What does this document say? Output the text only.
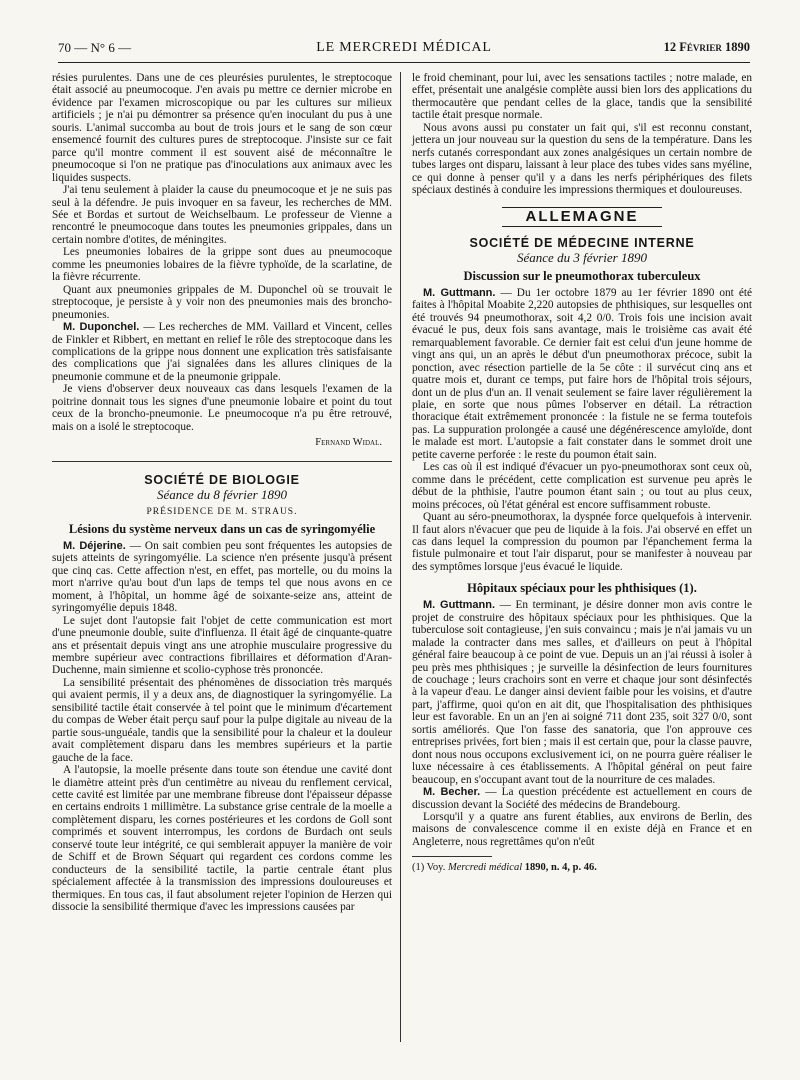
70 — N° 6 —	LE MERCREDI MÉDICAL	12 Février 1890

résies purulentes. Dans une de ces pleurésies purulentes, le streptocoque était associé au pneumocoque. J'en avais pu mettre ce dernier microbe en évidence par l'examen microscopique ou par les cultures sur milieux artificiels ; je n'ai pu démontrer sa présence qu'en inoculant du pus à une souris. L'animal succomba au bout de trois jours et le sang de son cœur ensemencé fournit des cultures pures de streptocoque. J'insiste sur ce fait parce qu'il montre comment il est souvent aisé de méconnaître le pneumocoque si l'on ne pratique pas d'inoculations aux animaux avec les liquides suspects.

J'ai tenu seulement à plaider la cause du pneumocoque et je ne suis pas seul à la défendre. Je puis invoquer en sa faveur, les recherches de MM. Sée et Bordas et surtout de Weichselbaum. Le professeur de Vienne a rencontré le pneumocoque dans toutes les pneumonies grippales, dans un certain nombre d'otites, de méningites.

Les pneumonies lobaires de la grippe sont dues au pneumocoque comme les pneumonies lobaires de la fièvre typhoïde, de la scarlatine, de la fièvre récurrente.

Quant aux pneumonies grippales de M. Duponchel où se trouvait le streptocoque, je persiste à y voir non des pneumonies mais des broncho-pneumonies.

M. Duponchel. — Les recherches de MM. Vaillard et Vincent, celles de Finkler et Ribbert, en mettant en relief le rôle des streptocoque dans les complications de la grippe nous donnent une explication très satisfaisante des complications que j'ai signalées dans les allures cliniques de la pneumonie commune et de la pneumonie grippale.

Je viens d'observer deux nouveaux cas dans lesquels l'examen de la poitrine donnait tous les signes d'une pneumonie lobaire et point du tout ceux de la broncho-pneumonie. Le pneumocoque n'a pu être retrouvé, mais on a isolé le streptocoque.

Fernand Widal.
SOCIÉTÉ DE BIOLOGIE
Séance du 8 février 1890
PRÉSIDENCE DE M. STRAUS.
Lésions du système nerveux dans un cas de syringomyélie

M. Déjerine. — On sait combien peu sont fréquentes les autopsies de sujets atteints de syringomyélie. La science n'en présente jusqu'à présent que cinq cas. Cette affection n'est, en effet, pas mortelle, ou du moins la mort n'arrive qu'au bout d'un laps de temps tel que nous avons en ce moment, à l'hôpital, un homme âgé de soixante-seize ans, atteint de syringomyélie depuis 1848.

Le sujet dont l'autopsie fait l'objet de cette communication est mort d'une pneumonie double, suite d'influenza. Il était âgé de cinquante-quatre ans et présentait depuis vingt ans une atrophie musculaire progressive du membre supérieur avec contractions fibrillaires et déformation d'Aran-Duchenne, main simienne et scolio-cyphose très prononcée.

La sensibilité présentait des phénomènes de dissociation très marqués qui avaient permis, il y a deux ans, de diagnostiquer la syringomyélie. La sensibilité tactile était conservée à tel point que le minimum d'écartement du compas de Weber était perçu sauf pour la pulpe digitale au niveau de la partie sous-unguéale, tandis que la sensibilité pour la chaleur et la douleur avait complètement disparu dans les membres supérieurs et la partie gauche de la face.

A l'autopsie, la moelle présente dans toute son étendue une cavité dont le diamètre atteint près d'un centimètre au niveau du renflement cervical, cette cavité est limitée par une membrane fibreuse dont l'épaisseur dépasse en certains endroits 1 millimètre. La substance grise centrale de la moelle a complètement disparu, les cornes postérieures et les cordons de Goll sont comprimés et souvent interrompus, les cordons de Burdach ont seuls conservé toute leur intégrité, ce qui semblerait appuyer la manière de voir de Schiff et de Brown Séquart qui regardent ces cordons comme les conducteurs de la sensibilité tactile, la partie centrale étant plus spécialement affectée à la transmission des impressions douloureuses et thermiques. En tous cas, il faut absolument rejeter l'opinion de Herzen qui dissocie la sensibilité thermique d'avec les impressions causées par

le froid cheminant, pour lui, avec les sensations tactiles ; notre malade, en effet, présentait une analgésie complète aussi bien lors des applications du thermocautère que pendant celles de la glace, tandis que la sensibilité tactile était presque normale.

Nous avons aussi pu constater un fait qui, s'il est reconnu constant, jettera un jour nouveau sur la question du sens de la température. Dans les nerfs cutanés correspondant aux zones analgésiques un certain nombre de tubes larges ont disparu, laissant à leur place des tubes vides sans myéline, ce qui donne à penser qu'il y a dans les nerfs périphériques des filets spéciaux destinés à conduire les impressions thermiques et douloureuses.

ALLEMAGNE
SOCIÉTÉ DE MÉDECINE INTERNE
Séance du 3 février 1890
Discussion sur le pneumothorax tuberculeux

M. Guttmann. — Du 1er octobre 1879 au 1er février 1890 ont été faites à l'hôpital Moabite 2,220 autopsies de phthisiques, sur lesquelles ont été trouvés 94 pneumothorax, soit 4,2 0/0. Trois fois une incision avait évacué le pus, deux fois sans avantage, mais le troisième cas avait été remarquablement favorable. Ce dernier fait est celui d'un jeune homme de vingt ans qui, un an après le début d'un pneumothorax précoce, subit la ponction, avec résection partielle de la 5e côte : il survécut cinq ans et quatre mois et, durant ce temps, put faire hors de l'hôpital trois séjours, dont un de plus d'un an. Il venait seulement se faire laver régulièrement la plaie, en sorte que nous pûmes l'observer en détail. La rétraction thoracique était extrêmement prononcée : la fistule ne se ferma toutefois pas. La suppuration prolongée a causé une dégénérescence amyloïde, dont le malade est mort. L'autopsie a fait constater dans le sommet droit une petite caverne perforée : le reste du poumon était sain.

Les cas où il est indiqué d'évacuer un pyo-pneumothorax sont ceux où, comme dans le précédent, cette complication est survenue peu après le début de la phthisie, l'autre poumon étant sain ; ou tout au plus ceux, moins précoces, où l'état général est encore suffisamment robuste.

Quant au séro-pneumothorax, la dyspnée force quelquefois à intervenir. Il faut alors n'évacuer que peu de liquide à la fois. J'ai observé en effet un cas dans lequel la compression du poumon par l'épanchement ferma la fistule pulmonaire et tout l'air disparut, pour se manifester à nouveau par des symptômes lorsque j'eus évacué le liquide.

Hôpitaux spéciaux pour les phthisiques (1).

M. Guttmann. — En terminant, je désire donner mon avis contre le projet de construire des hôpitaux spéciaux pour les phthisiques. Que la tuberculose soit contagieuse, j'en suis convaincu ; mais je n'ai jamais vu un malade la contracter dans mes salles, et d'ailleurs on peut à l'hôpital général faire beaucoup à ce point de vue. Depuis un an j'ai réussi à isoler à peu près mes phthisiques ; je surveille la désinfection de leurs fournitures de couchage ; leurs crachoirs sont en verre et chaque jour sont désinfectés à la vapeur d'eau. Le danger ainsi devient faible pour les voisins, et d'autre part, j'affirme, quoi qu'on en ait dit, que l'hospitalisation des phthisiques leur est favorable. En un an j'en ai soigné 711 dont 235, soit 327 0/0, sont sortis améliorés. Que l'on fasse des sanatoria, que l'on approuve ces entreprises privées, fort bien ; mais il est certain que, pour la classe pauvre, dont nous nous occupons exclusivement ici, on ne pourra guère réaliser le luxe nécessaire à ces établissements. A l'hôpital général on peut faire beaucoup, en s'occupant avant tout de la nourriture de ces malades.

M. Becher. — La question précédente est actuellement en cours de discussion devant la Société des médecins de Brandebourg.

Lorsqu'il y a quatre ans furent établies, aux environs de Berlin, des maisons de convalescence comme il en existe déjà en France et en Angleterre, nous regrettâmes qu'on n'eût

(1) Voy. Mercredi médical 1890, n. 4, p. 46.
